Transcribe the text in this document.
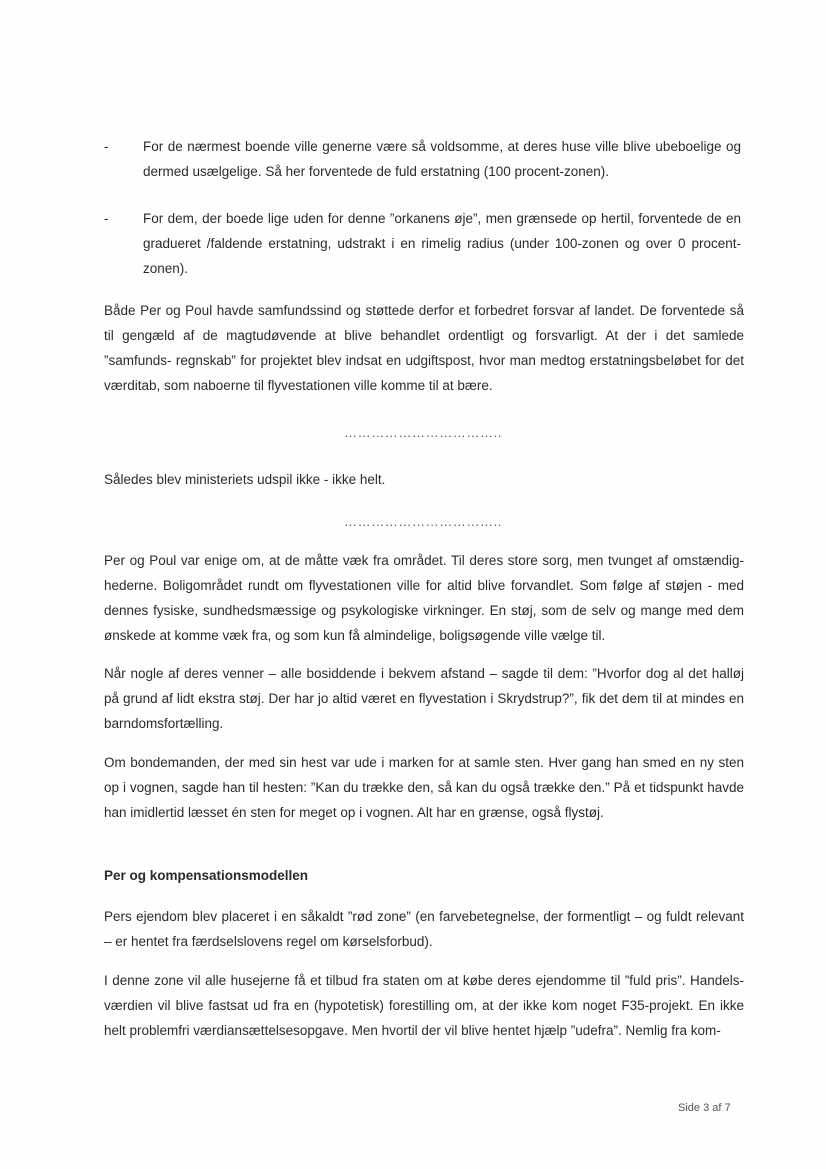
-	For de nærmest boende ville generne være så voldsomme, at deres huse ville blive ubeboelige og dermed usælgelige. Så her forventede de fuld erstatning (100 procent-zonen).
-	For dem, der boede lige uden for denne ”orkanens øje”, men grænsede op hertil, forventede de en gradueret /faldende erstatning, udstrakt i en rimelig radius (under 100-zonen og over 0 procent-zonen).
Både Per og Poul havde samfundssind og støttede derfor et forbedret forsvar af landet. De forventede så til gengæld af de magtudøvende at blive behandlet ordentligt og forsvarligt. At der i det samlede ”samfunds- regnskab” for projektet blev indsat en udgiftspost, hvor man medtog erstatningsbeløbet for det værditab, som naboerne til flyvestationen ville komme til at bære.
……………………………..
Således blev ministeriets udspil ikke - ikke helt.
……………………………..
Per og Poul var enige om, at de måtte væk fra området. Til deres store sorg, men tvunget af omstændig-hederne. Boligområdet rundt om flyvestationen ville for altid blive forvandlet. Som følge af støjen - med dennes fysiske, sundhedsmæssige og psykologiske virkninger. En støj, som de selv og mange med dem ønskede at komme væk fra, og som kun få almindelige, boligsøgende ville vælge til.
Når nogle af deres venner – alle bosiddende i bekvem afstand – sagde til dem: ”Hvorfor dog al det halløj på grund af lidt ekstra støj. Der har jo altid været en flyvestation i Skrydstrup?”, fik det dem til at mindes en barndomsfortælling.
Om bondemanden, der med sin hest var ude i marken for at samle sten. Hver gang han smed en ny sten op i vognen, sagde han til hesten: ”Kan du trække den, så kan du også trække den.” På et tidspunkt havde han imidlertid læsset én sten for meget op i vognen. Alt har en grænse, også flystøj.
Per og kompensationsmodellen
Pers ejendom blev placeret i en såkaldt ”rød zone” (en farvebetegnelse, der formentligt – og fuldt relevant – er hentet fra færdselslovens regel om kørselsforbud).
I denne zone vil alle husejerne få et tilbud fra staten om at købe deres ejendomme til ”fuld pris”. Handels-værdien vil blive fastsat ud fra en (hypotetisk) forestilling om, at der ikke kom noget F35-projekt. En ikke helt problemfri værdiansættelsesopgave. Men hvortil der vil blive hentet hjælp ”udefra”. Nemlig fra kom-
Side 3 af 7
